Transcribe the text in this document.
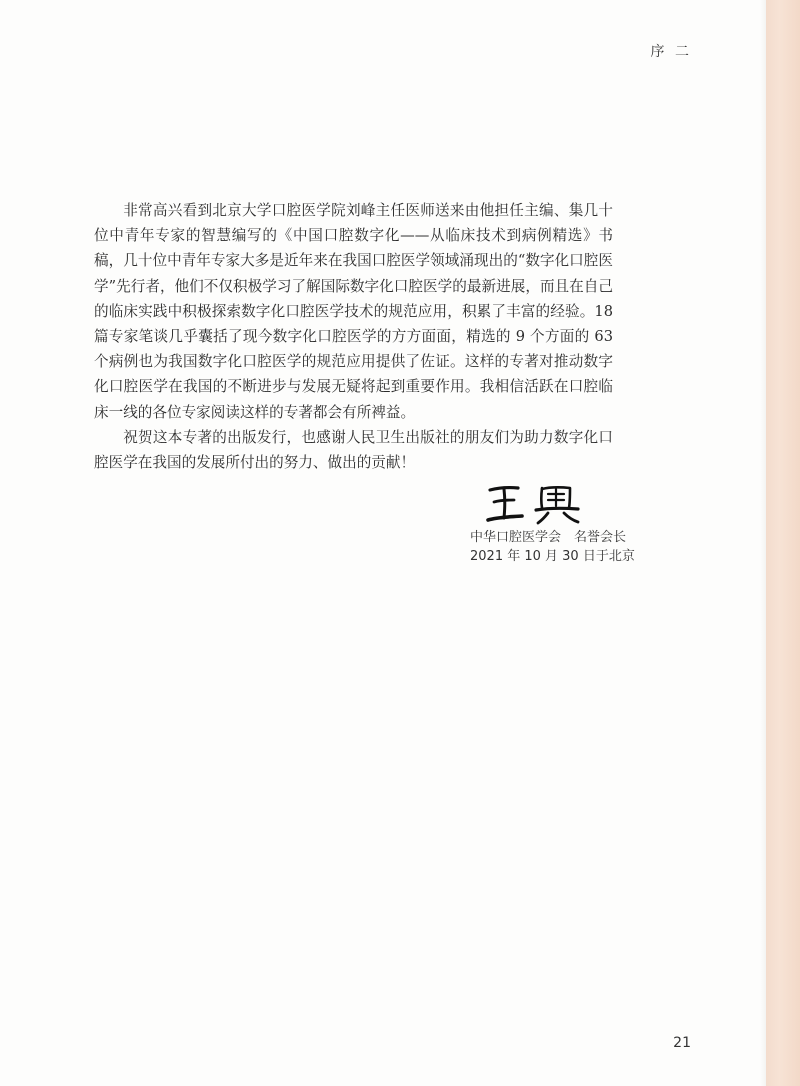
序 二

非常高兴看到北京大学口腔医学院刘峰主任医师送来由他担任主编、集几十位中青年专家的智慧编写的《中国口腔数字化——从临床技术到病例精选》书稿，几十位中青年专家大多是近年来在我国口腔医学领域涌现出的“数字化口腔医学”先行者，他们不仅积极学习了解国际数字化口腔医学的最新进展，而且在自己的临床实践中积极探索数字化口腔医学技术的规范应用，积累了丰富的经验。18 篇专家笔谈几乎囊括了现今数字化口腔医学的方方面面，精选的 9 个方面的 63 个病例也为我国数字化口腔医学的规范应用提供了佐证。这样的专著对推动数字化口腔医学在我国的不断进步与发展无疑将起到重要作用。我相信活跃在口腔临床一线的各位专家阅读这样的专著都会有所裨益。

祝贺这本专著的出版发行，也感谢人民卫生出版社的朋友们为助力数字化口腔医学在我国的发展所付出的努力、做出的贡献！

中华口腔医学会　名誉会长
2021 年 10 月 30 日于北京
21
